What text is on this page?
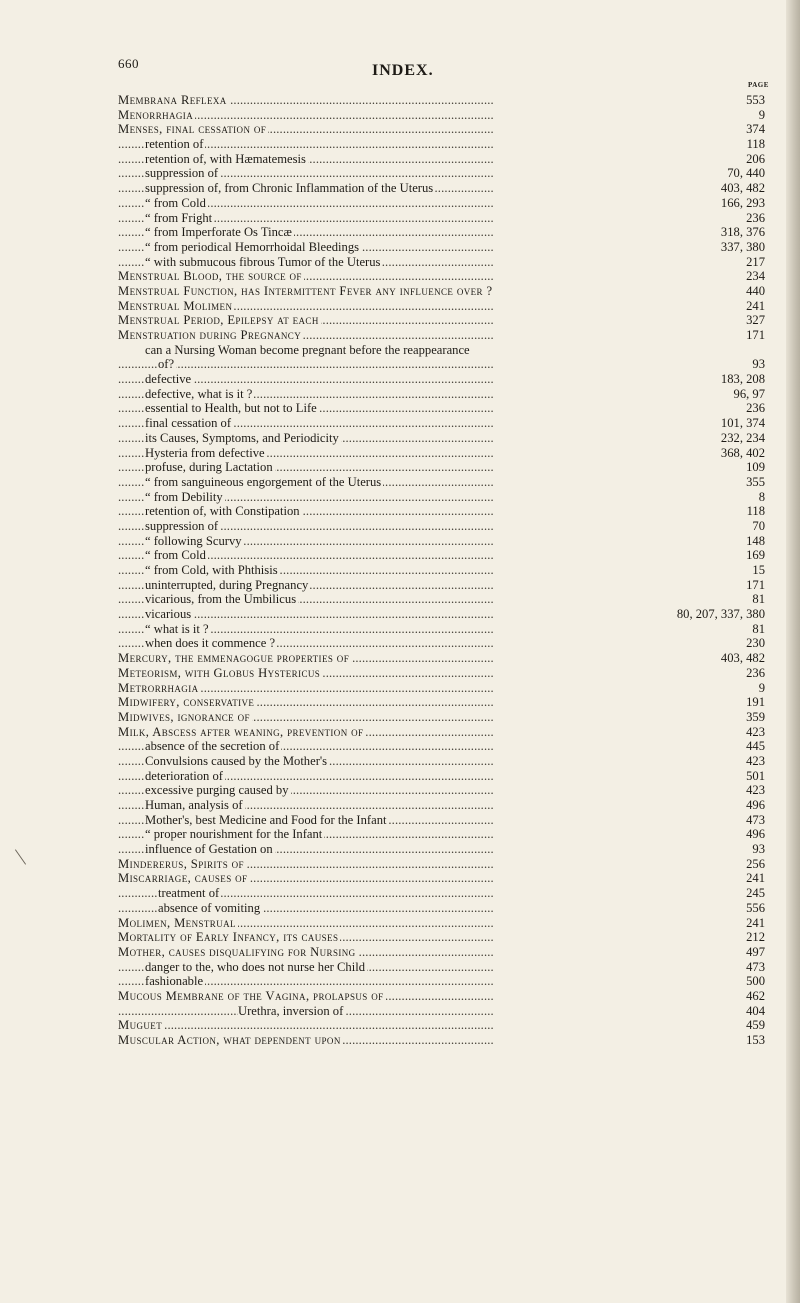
660	INDEX.
PAGE
Membrana Reflexa	553
. . .
Menorrhagia	9
. . .
Menses, final cessation of	374
. . .
retention of	118
. . .
retention of, with Hæmatemesis	206
. . .
suppression of	70, 440
. . .
suppression of, from Chronic Inflammation of the Uterus	403, 482
. . .
“ from Cold	166, 293
. . .
“ from Fright	236
. . .
“ from Imperforate Os Tincæ	318, 376
. . .
“ from periodical Hemorrhoidal Bleedings	337, 380
. . .
“ with submucous fibrous Tumor of the Uterus	217
. . .
Menstrual Blood, the source of	234
. . .
Menstrual Function, has Intermittent Fever any influence over ?	440
. . .
Menstrual Molimen	241
. . .
Menstrual Period, Epilepsy at each	327
. . .
Menstruation during Pregnancy	171
. . .
can a Nursing Woman become pregnant before the reappearance
of?	93
. . .
defective	183, 208
. . .
defective, what is it ?	96, 97
. . .
essential to Health, but not to Life	236
. . .
final cessation of	101, 374
. . .
its Causes, Symptoms, and Periodicity	232, 234
. . .
Hysteria from defective	368, 402
. . .
profuse, during Lactation	109
. . .
“ from sanguineous engorgement of the Uterus	355
. . .
“ from Debility	8
. . .
retention of, with Constipation	118
. . .
suppression of	70
. . .
“ following Scurvy	148
. . .
“ from Cold	169
. . .
“ from Cold, with Phthisis	15
. . .
uninterrupted, during Pregnancy	171
. . .
vicarious, from the Umbilicus	81
. . .
vicarious	80, 207, 337, 380
. . .
“ what is it ?	81
. . .
when does it commence ?	230
. . .
Mercury, the emmenagogue properties of	403, 482
. . .
Meteorism, with Globus Hystericus	236
. . .
Metrorrhagia	9
. . .
Midwifery, conservative	191
. . .
Midwives, ignorance of	359
. . .
Milk, Abscess after weaning, prevention of	423
. . .
absence of the secretion of	445
. . .
Convulsions caused by the Mother's	423
. . .
deterioration of	501
. . .
excessive purging caused by	423
. . .
Human, analysis of	496
. . .
Mother's, best Medicine and Food for the Infant	473
. . .
“ proper nourishment for the Infant	496
. . .
influence of Gestation on	93
. . .
Mindererus, Spirits of	256
. . .
Miscarriage, causes of	241
. . .
treatment of	245
. . .
absence of vomiting	556
. . .
Molimen, Menstrual	241
. . .
Mortality of Early Infancy, its causes	212
. . .
Mother, causes disqualifying for Nursing	497
. . .
danger to the, who does not nurse her Child	473
. . .
fashionable	500
. . .
Mucous Membrane of the Vagina, prolapsus of	462
. . .
Urethra, inversion of	404
. . .
Muguet	459
. . .
Muscular Action, what dependent upon	153
. . .
